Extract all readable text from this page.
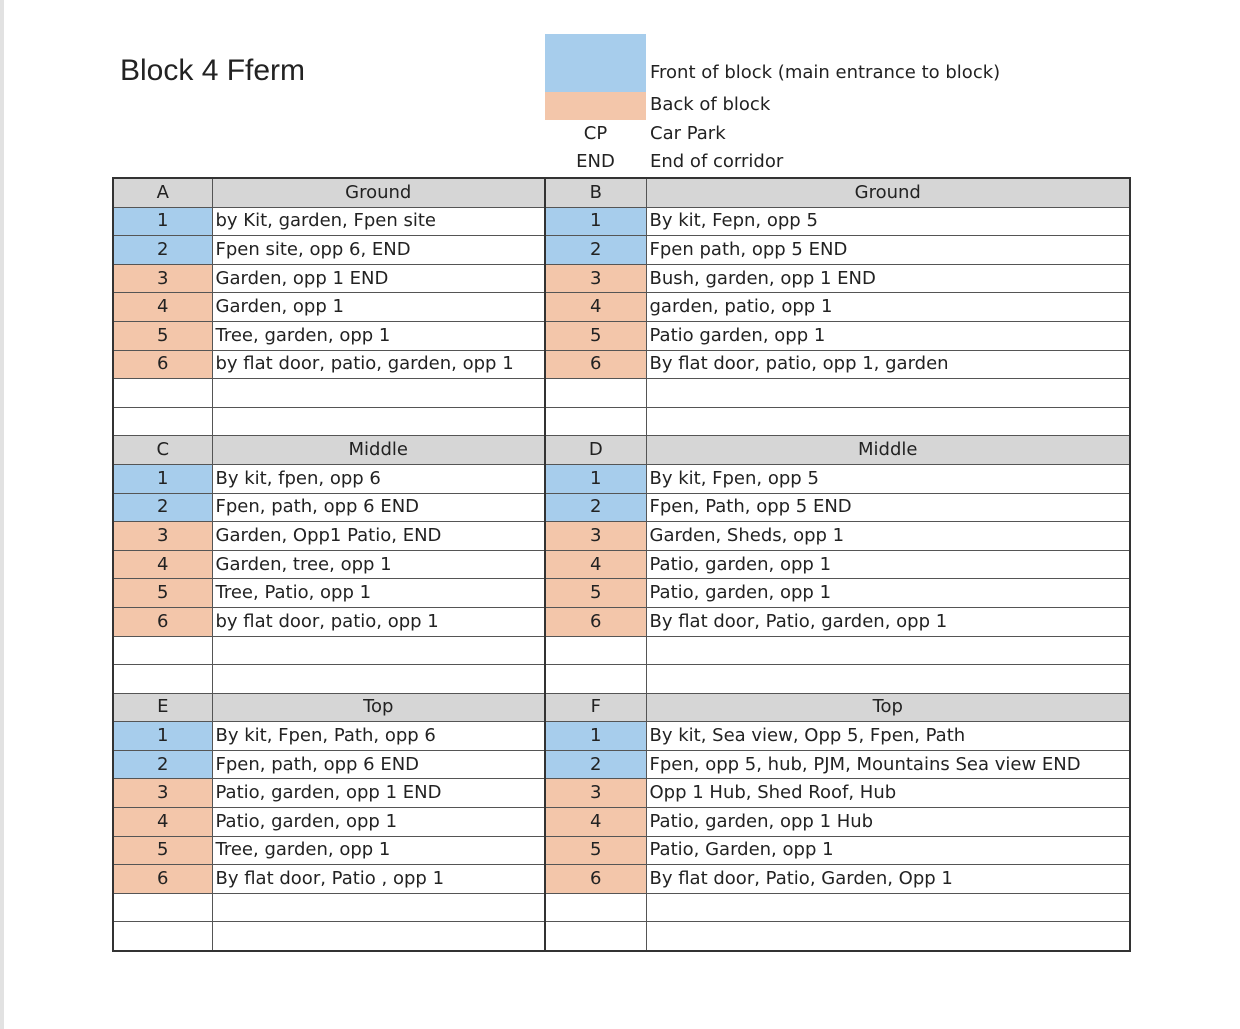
Block 4 Fferm	Front of block (main entrance to block)
Back of block
CP	Car Park
END	End of corridor
A	Ground	B	Ground
1	by Kit, garden, Fpen site	1	By kit, Fepn, opp 5
2	Fpen site, opp 6, END	2	Fpen path, opp 5 END
3	Garden, opp 1 END	3	Bush, garden, opp 1 END
4	Garden, opp 1	4	garden, patio, opp 1
5	Tree, garden, opp 1	5	Patio garden, opp 1
6	by flat door, patio, garden, opp 1	6	By flat door, patio, opp 1, garden

C	Middle	D	Middle
1	By kit, fpen, opp 6	1	By kit, Fpen, opp 5
2	Fpen, path, opp 6 END	2	Fpen, Path, opp 5 END
3	Garden, Opp1 Patio, END	3	Garden, Sheds, opp 1
4	Garden, tree, opp 1	4	Patio, garden, opp 1
5	Tree, Patio, opp 1	5	Patio, garden, opp 1
6	by flat door, patio, opp 1	6	By flat door, Patio, garden, opp 1

E	Top	F	Top
1	By kit, Fpen, Path, opp 6	1	By kit, Sea view, Opp 5, Fpen, Path
2	Fpen, path, opp 6 END	2	Fpen, opp 5, hub, PJM, Mountains Sea view END
3	Patio, garden, opp 1 END	3	Opp 1 Hub, Shed Roof, Hub
4	Patio, garden, opp 1	4	Patio, garden, opp 1 Hub
5	Tree, garden, opp 1	5	Patio, Garden, opp 1
6	By flat door, Patio , opp 1	6	By flat door, Patio, Garden, Opp 1
